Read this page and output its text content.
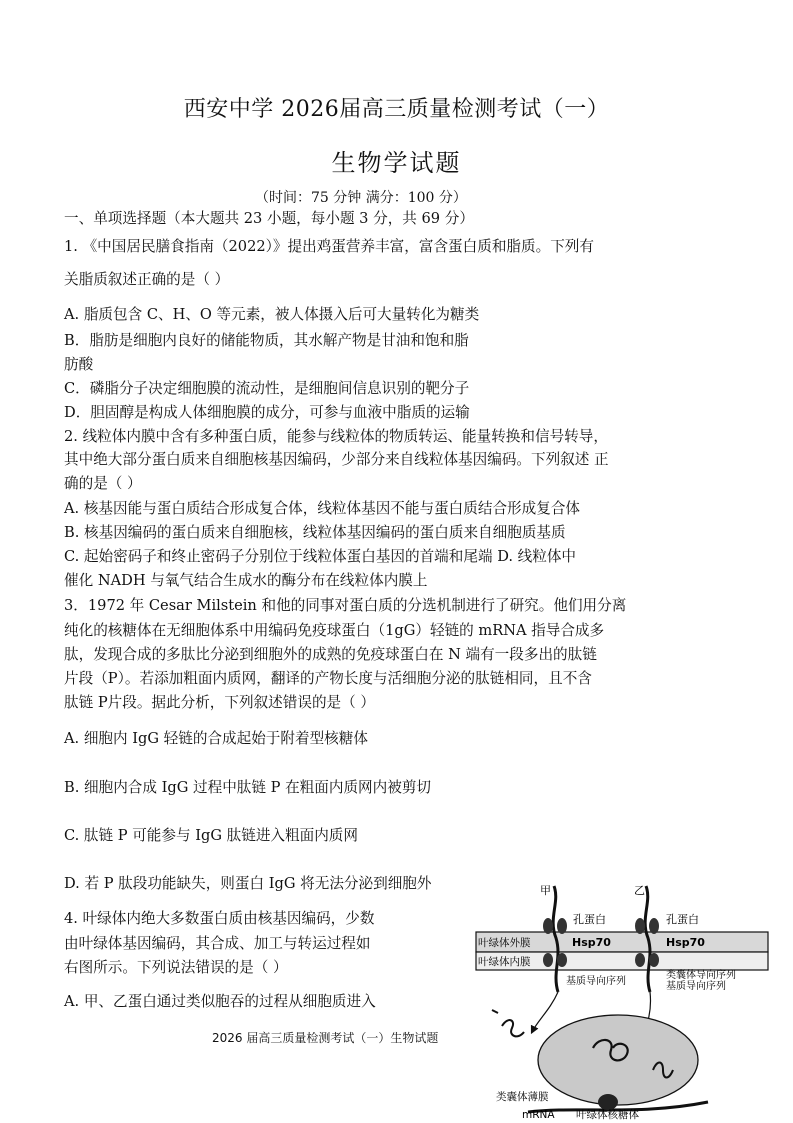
西安中学 2026届高三质量检测考试（一）
生物学试题
（时间：75 分钟 满分：100 分）
一、单项选择题（本大题共 23 小题，每小题 3 分，共 69 分）
1. 《中国居民膳食指南（2022）》提出鸡蛋营养丰富，富含蛋白质和脂质。下列有
关脂质叙述正确的是（ ）
A. 脂质包含 C、H、O 等元素，被人体摄入后可大量转化为糖类
B．脂肪是细胞内良好的储能物质，其水解产物是甘油和饱和脂
肪酸
C．磷脂分子决定细胞膜的流动性，是细胞间信息识别的靶分子
D．胆固醇是构成人体细胞膜的成分，可参与血液中脂质的运输
2. 线粒体内膜中含有多种蛋白质，能参与线粒体的物质转运、能量转换和信号转导，
其中绝大部分蛋白质来自细胞核基因编码，少部分来自线粒体基因编码。下列叙述 正
确的是（ ）
A. 核基因能与蛋白质结合形成复合体，线粒体基因不能与蛋白质结合形成复合体
B. 核基因编码的蛋白质来自细胞核，线粒体基因编码的蛋白质来自细胞质基质
C. 起始密码子和终止密码子分别位于线粒体蛋白基因的首端和尾端 D. 线粒体中
催化 NADH 与氧气结合生成水的酶分布在线粒体内膜上
3．1972 年 Cesar Milstein 和他的同事对蛋白质的分选机制进行了研究。他们用分离
纯化的核糖体在无细胞体系中用编码免疫球蛋白（1gG）轻链的 mRNA 指导合成多
肽，发现合成的多肽比分泌到细胞外的成熟的免疫球蛋白在 N 端有一段多出的肽链
片段（P）。若添加粗面内质网，翻译的产物长度与活细胞分泌的肽链相同，且不含
肽链 P片段。据此分析，下列叙述错误的是（ ）
A. 细胞内 IgG 轻链的合成起始于附着型核糖体
B. 细胞内合成 IgG 过程中肽链 P 在粗面内质网内被剪切
C. 肽链 P 可能参与 IgG 肽链进入粗面内质网
D. 若 P 肽段功能缺失，则蛋白 IgG 将无法分泌到细胞外
4. 叶绿体内绝大多数蛋白质由核基因编码，少数
由叶绿体基因编码，其合成、加工与转运过程如
右图所示。下列说法错误的是（ ）
A. 甲、乙蛋白通过类似胞吞的过程从细胞质进入
2026 届高三质量检测考试（一）生物试题
甲	乙
孔蛋白	孔蛋白
叶绿体外膜	Hsp70	Hsp70
叶绿体内膜
基质导向序列
类囊体导向序列
基质导向序列
类囊体薄膜
mRNA 叶绿体核糖体
